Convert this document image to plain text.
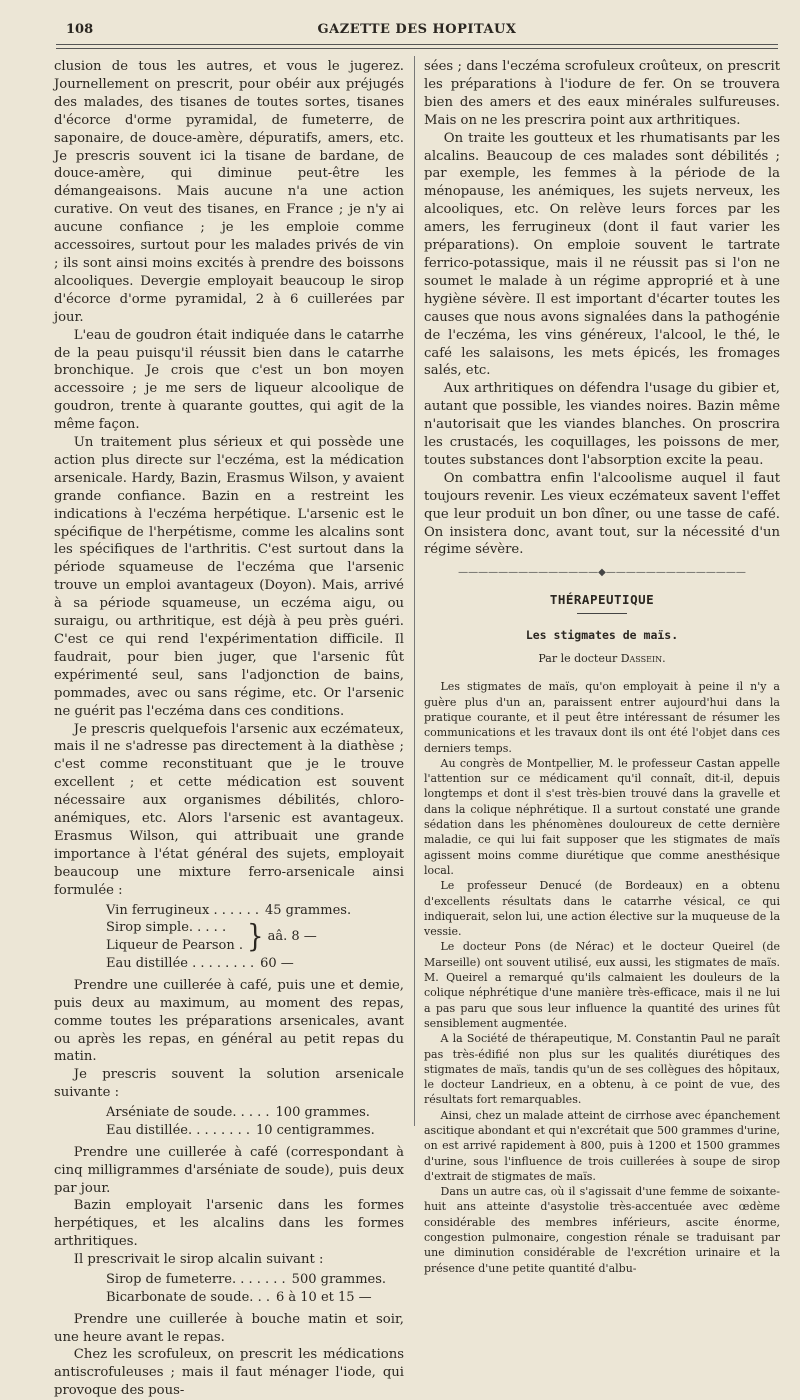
108	GAZETTE DES HOPITAUX

clusion de tous les autres, et vous le jugerez. Journellement on prescrit, pour obéir aux préjugés des malades, des tisanes de toutes sortes, tisanes d'écorce d'orme pyramidal, de fumeterre, de saponaire, de douce-amère, dépuratifs, amers, etc. Je prescris souvent ici la tisane de bardane, de douce-amère, qui diminue peut-être les démangeaisons. Mais aucune n'a une action curative. On veut des tisanes, en France ; je n'y ai aucune confiance ; je les emploie comme accessoires, surtout pour les malades privés de vin ; ils sont ainsi moins excités à prendre des boissons alcooliques. Devergie employait beaucoup le sirop d'écorce d'orme pyramidal, 2 à 6 cuillerées par jour.

L'eau de goudron était indiquée dans le catarrhe de la peau puisqu'il réussit bien dans le catarrhe bronchique. Je crois que c'est un bon moyen accessoire ; je me sers de liqueur alcoolique de goudron, trente à quarante gouttes, qui agit de la même façon.

Un traitement plus sérieux et qui possède une action plus directe sur l'eczéma, est la médication arsenicale. Hardy, Bazin, Erasmus Wilson, y avaient grande confiance. Bazin en a restreint les indications à l'eczéma herpétique. L'arsenic est le spécifique de l'herpétisme, comme les alcalins sont les spécifiques de l'arthritis. C'est surtout dans la période squameuse de l'eczéma que l'arsenic trouve un emploi avantageux (Doyon). Mais, arrivé à sa période squameuse, un eczéma aigu, ou suraigu, ou arthritique, est déjà à peu près guéri. C'est ce qui rend l'expérimentation difficile. Il faudrait, pour bien juger, que l'arsenic fût expérimenté seul, sans l'adjonction de bains, pommades, avec ou sans régime, etc. Or l'arsenic ne guérit pas l'eczéma dans ces conditions.

Je prescris quelquefois l'arsenic aux eczémateux, mais il ne s'adresse pas directement à la diathèse ; c'est comme reconstituant que je le trouve excellent ; et cette médication est souvent nécessaire aux organismes débilités, chloro-anémiques, etc. Alors l'arsenic est avantageux. Erasmus Wilson, qui attribuait une grande importance à l'état général des sujets, employait beaucoup une mixture ferro-arsenicale ainsi formulée :

Vin ferrugineux . . . . . . 45 grammes.
Sirop simple. . . . .
Liqueur de Pearson . } aâ. 8 —
Eau distillée . . . . . . . . 60 —

Prendre une cuillerée à café, puis une et demie, puis deux au maximum, au moment des repas, comme toutes les préparations arsenicales, avant ou après les repas, en général au petit repas du matin.

Je prescris souvent la solution arsenicale suivante :

Arséniate de soude. . . . . 100 grammes.
Eau distillée. . . . . . . . 10 centigrammes.

Prendre une cuillerée à café (correspondant à cinq milligrammes d'arséniate de soude), puis deux par jour.

Bazin employait l'arsenic dans les formes herpétiques, et les alcalins dans les formes arthritiques.

Il prescrivait le sirop alcalin suivant :

Sirop de fumeterre. . . . . . . 500 grammes.
Bicarbonate de soude. . . 6 à 10 et 15 —

Prendre une cuillerée à bouche matin et soir, une heure avant le repas.

Chez les scrofuleux, on prescrit les médications antiscrofuleuses ; mais il faut ménager l'iode, qui provoque des pous-

sées ; dans l'eczéma scrofuleux croûteux, on prescrit les préparations à l'iodure de fer. On se trouvera bien des amers et des eaux minérales sulfureuses. Mais on ne les prescrira point aux arthritiques.

On traite les goutteux et les rhumatisants par les alcalins. Beaucoup de ces malades sont débilités ; par exemple, les femmes à la période de la ménopause, les anémiques, les sujets nerveux, les alcooliques, etc. On relève leurs forces par les amers, les ferrugineux (dont il faut varier les préparations). On emploie souvent le tartrate ferrico-potassique, mais il ne réussit pas si l'on ne soumet le malade à un régime approprié et à une hygiène sévère. Il est important d'écarter toutes les causes que nous avons signalées dans la pathogénie de l'eczéma, les vins généreux, l'alcool, le thé, le café les salaisons, les mets épicés, les fromages salés, etc.

Aux arthritiques on défendra l'usage du gibier et, autant que possible, les viandes noires. Bazin même n'autorisait que les viandes blanches. On proscrira les crustacés, les coquillages, les poissons de mer, toutes substances dont l'absorption excite la peau.

On combattra enfin l'alcoolisme auquel il faut toujours revenir. Les vieux eczémateux savent l'effet que leur produit un bon dîner, ou une tasse de café. On insistera donc, avant tout, sur la nécessité d'un régime sévère.

——————————————◆——————————————
THÉRAPEUTIQUE
Les stigmates de maïs.
Par le docteur Dassein.

Les stigmates de maïs, qu'on employait à peine il n'y a guère plus d'un an, paraissent entrer aujourd'hui dans la pratique courante, et il peut être intéressant de résumer les communications et les travaux dont ils ont été l'objet dans ces derniers temps.

Au congrès de Montpellier, M. le professeur Castan appelle l'attention sur ce médicament qu'il connaît, dit-il, depuis longtemps et dont il s'est très-bien trouvé dans la gravelle et dans la colique néphrétique. Il a surtout constaté une grande sédation dans les phénomènes douloureux de cette dernière maladie, ce qui lui fait supposer que les stigmates de maïs agissent moins comme diurétique que comme anesthésique local.

Le professeur Denucé (de Bordeaux) en a obtenu d'excellents résultats dans le catarrhe vésical, ce qui indiquerait, selon lui, une action élective sur la muqueuse de la vessie.

Le docteur Pons (de Nérac) et le docteur Queirel (de Marseille) ont souvent utilisé, eux aussi, les stigmates de maïs. M. Queirel a remarqué qu'ils calmaient les douleurs de la colique néphrétique d'une manière très-efficace, mais il ne lui a pas paru que sous leur influence la quantité des urines fût sensiblement augmentée.

A la Société de thérapeutique, M. Constantin Paul ne paraît pas très-édifié non plus sur les qualités diurétiques des stigmates de maïs, tandis qu'un de ses collègues des hôpitaux, le docteur Landrieux, en a obtenu, à ce point de vue, des résultats fort remarquables.

Ainsi, chez un malade atteint de cirrhose avec épanchement ascitique abondant et qui n'excrétait que 500 grammes d'urine, on est arrivé rapidement à 800, puis à 1200 et 1500 grammes d'urine, sous l'influence de trois cuillerées à soupe de sirop d'extrait de stigmates de maïs.

Dans un autre cas, où il s'agissait d'une femme de soixante-huit ans atteinte d'asystolie très-accentuée avec œdème considérable des membres inférieurs, ascite énorme, congestion pulmonaire, congestion rénale se traduisant par une diminution considérable de l'excrétion urinaire et la présence d'une petite quantité d'albu-
